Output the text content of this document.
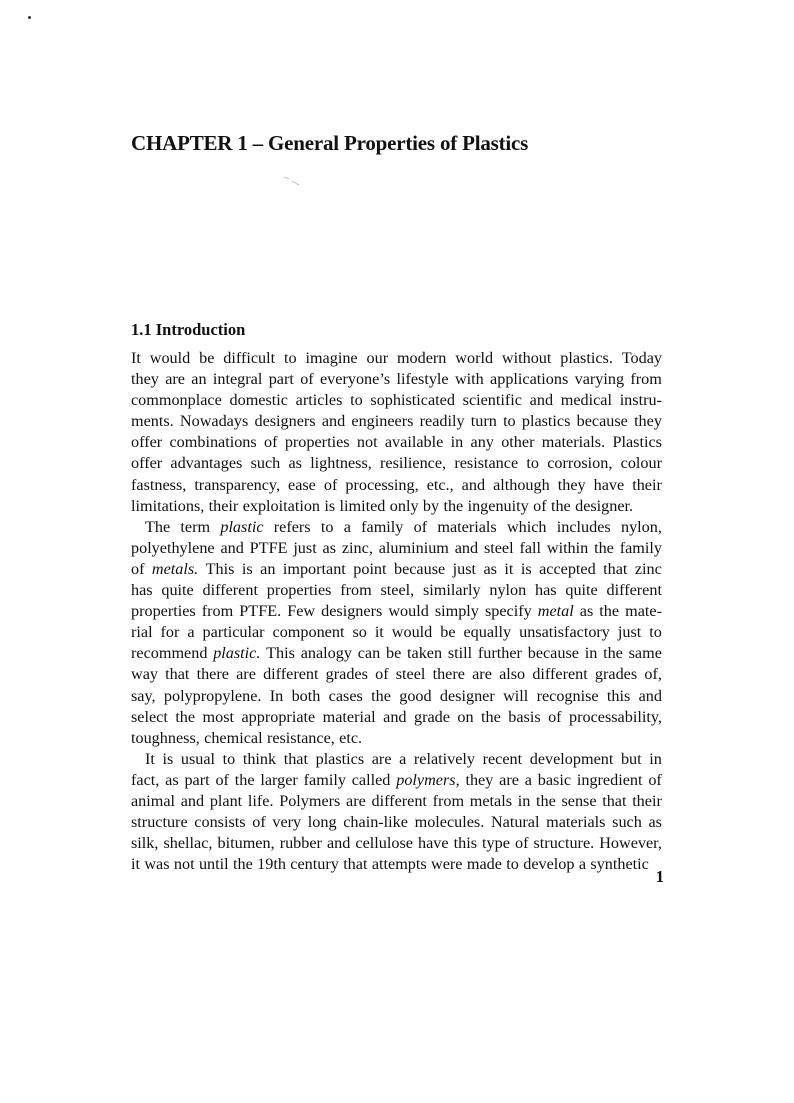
CHAPTER 1 – General Properties of Plastics
1.1 Introduction
It would be difficult to imagine our modern world without plastics. Today
they are an integral part of everyone’s lifestyle with applications varying from
commonplace domestic articles to sophisticated scientific and medical instru-
ments. Nowadays designers and engineers readily turn to plastics because they
offer combinations of properties not available in any other materials. Plastics
offer advantages such as lightness, resilience, resistance to corrosion, colour
fastness, transparency, ease of processing, etc., and although they have their
limitations, their exploitation is limited only by the ingenuity of the designer.
The term plastic refers to a family of materials which includes nylon,
polyethylene and PTFE just as zinc, aluminium and steel fall within the family
of metals. This is an important point because just as it is accepted that zinc
has quite different properties from steel, similarly nylon has quite different
properties from PTFE. Few designers would simply specify metal as the mate-
rial for a particular component so it would be equally unsatisfactory just to
recommend plastic. This analogy can be taken still further because in the same
way that there are different grades of steel there are also different grades of,
say, polypropylene. In both cases the good designer will recognise this and
select the most appropriate material and grade on the basis of processability,
toughness, chemical resistance, etc.
It is usual to think that plastics are a relatively recent development but in
fact, as part of the larger family called polymers, they are a basic ingredient of
animal and plant life. Polymers are different from metals in the sense that their
structure consists of very long chain-like molecules. Natural materials such as
silk, shellac, bitumen, rubber and cellulose have this type of structure. However,
it was not until the 19th century that attempts were made to develop a synthetic
1
